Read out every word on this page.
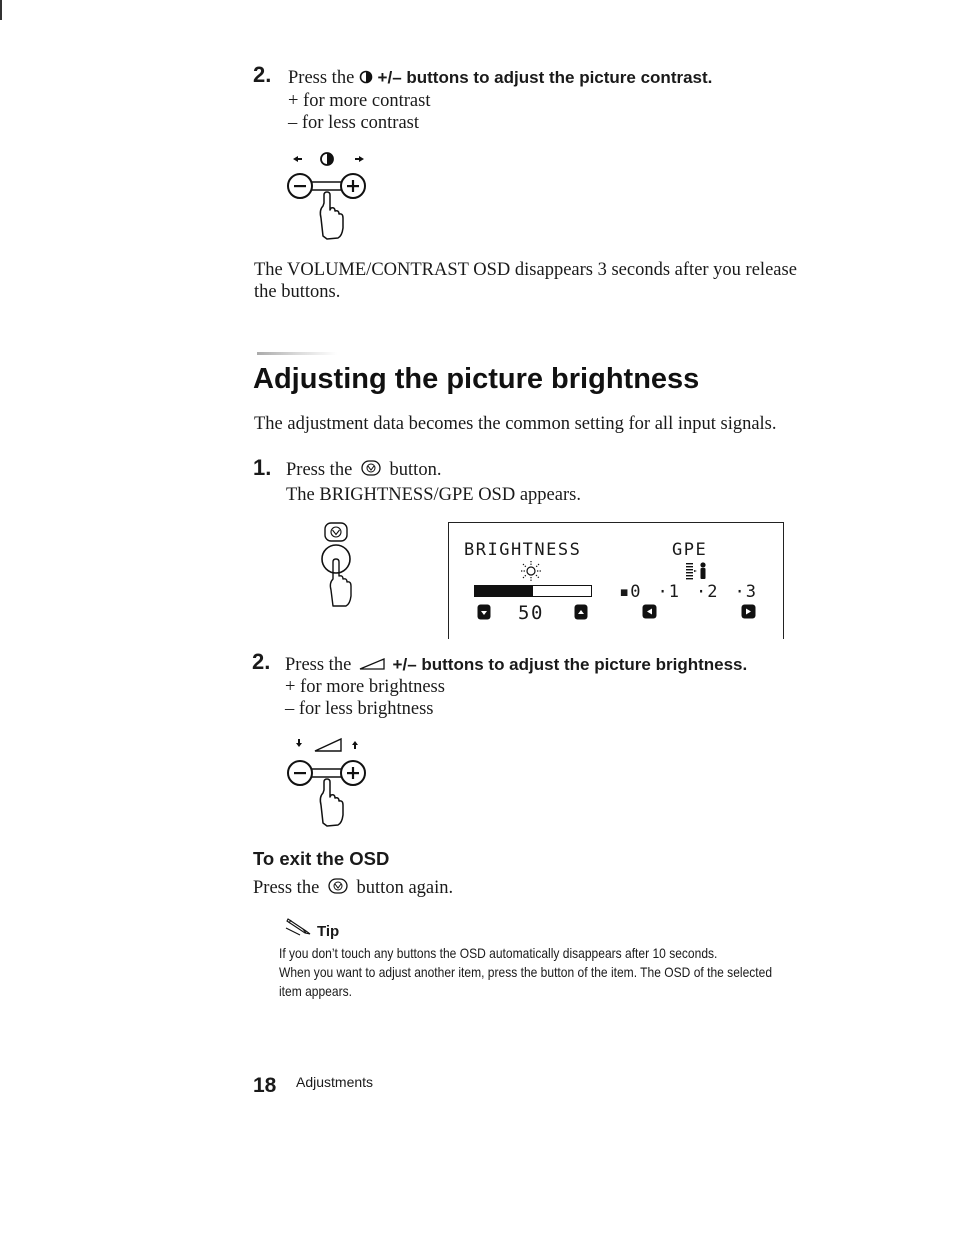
2. Press the +/– buttons to adjust the picture contrast.
+ for more contrast
– for less contrast
The VOLUME/CONTRAST OSD disappears 3 seconds after you release
the buttons.
Adjusting the picture brightness
The adjustment data becomes the common setting for all input signals.
1. Press the button.
The BRIGHTNESS/GPE OSD appears.
BRIGHTNESS	GPE
▪0 ·1 ·2 ·3
50
2. Press the +/– buttons to adjust the picture brightness.
+ for more brightness
– for less brightness
To exit the OSD
Press the button again.
Tip
If you don’t touch any buttons the OSD automatically disappears after 10 seconds.
When you want to adjust another item, press the button of the item. The OSD of the selected
item appears.
18 Adjustments
